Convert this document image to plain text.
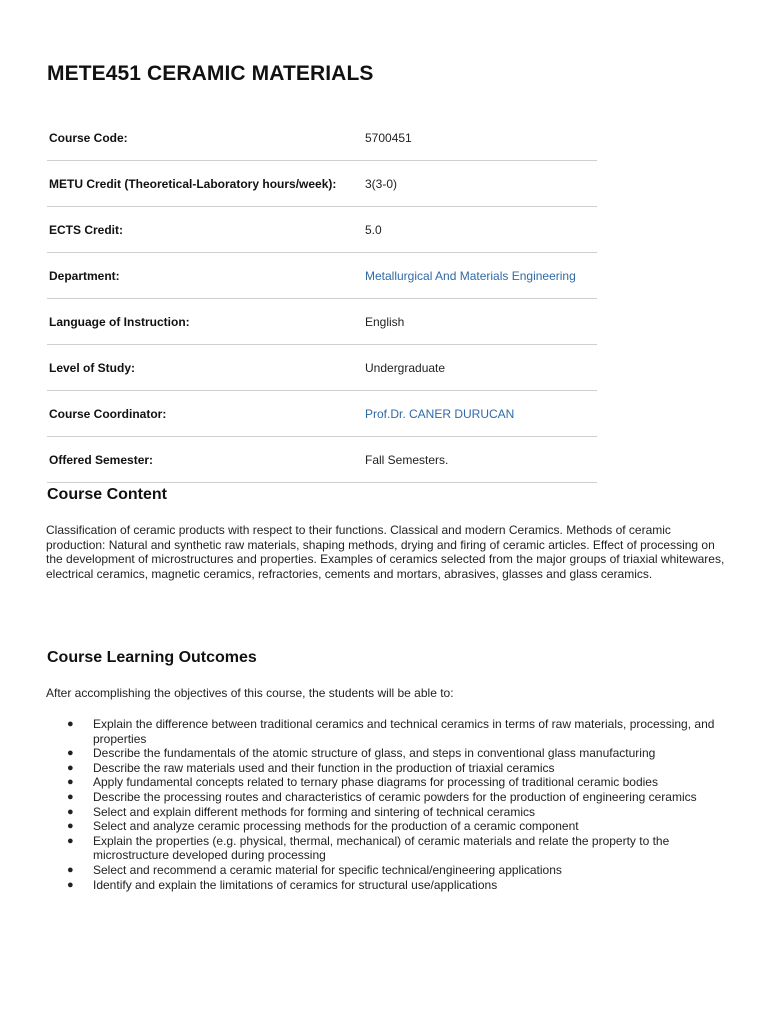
METE451 CERAMIC MATERIALS
Course Code:	5700451
METU Credit (Theoretical-Laboratory hours/week):	3(3-0)
ECTS Credit:	5.0
Department:	Metallurgical And Materials Engineering
Language of Instruction:	English
Level of Study:	Undergraduate
Course Coordinator:	Prof.Dr. CANER DURUCAN
Offered Semester:	Fall Semesters.
Course Content

Classification of ceramic products with respect to their functions. Classical and modern Ceramics. Methods of ceramic production: Natural and synthetic raw materials, shaping methods, drying and firing of ceramic articles. Effect of processing on the development of microstructures and properties. Examples of ceramics selected from the major groups of triaxial whitewares, electrical ceramics, magnetic ceramics, refractories, cements and mortars, abrasives, glasses and glass ceramics.

Course Learning Outcomes

After accomplishing the objectives of this course, the students will be able to:

● Explain the difference between traditional ceramics and technical ceramics in terms of raw materials, processing, and properties
● Describe the fundamentals of the atomic structure of glass, and steps in conventional glass manufacturing
● Describe the raw materials used and their function in the production of triaxial ceramics
● Apply fundamental concepts related to ternary phase diagrams for processing of traditional ceramic bodies
● Describe the processing routes and characteristics of ceramic powders for the production of engineering ceramics
● Select and explain different methods for forming and sintering of technical ceramics
● Select and analyze ceramic processing methods for the production of a ceramic component
● Explain the properties (e.g. physical, thermal, mechanical) of ceramic materials and relate the property to the microstructure developed during processing
● Select and recommend a ceramic material for specific technical/engineering applications
● Identify and explain the limitations of ceramics for structural use/applications
